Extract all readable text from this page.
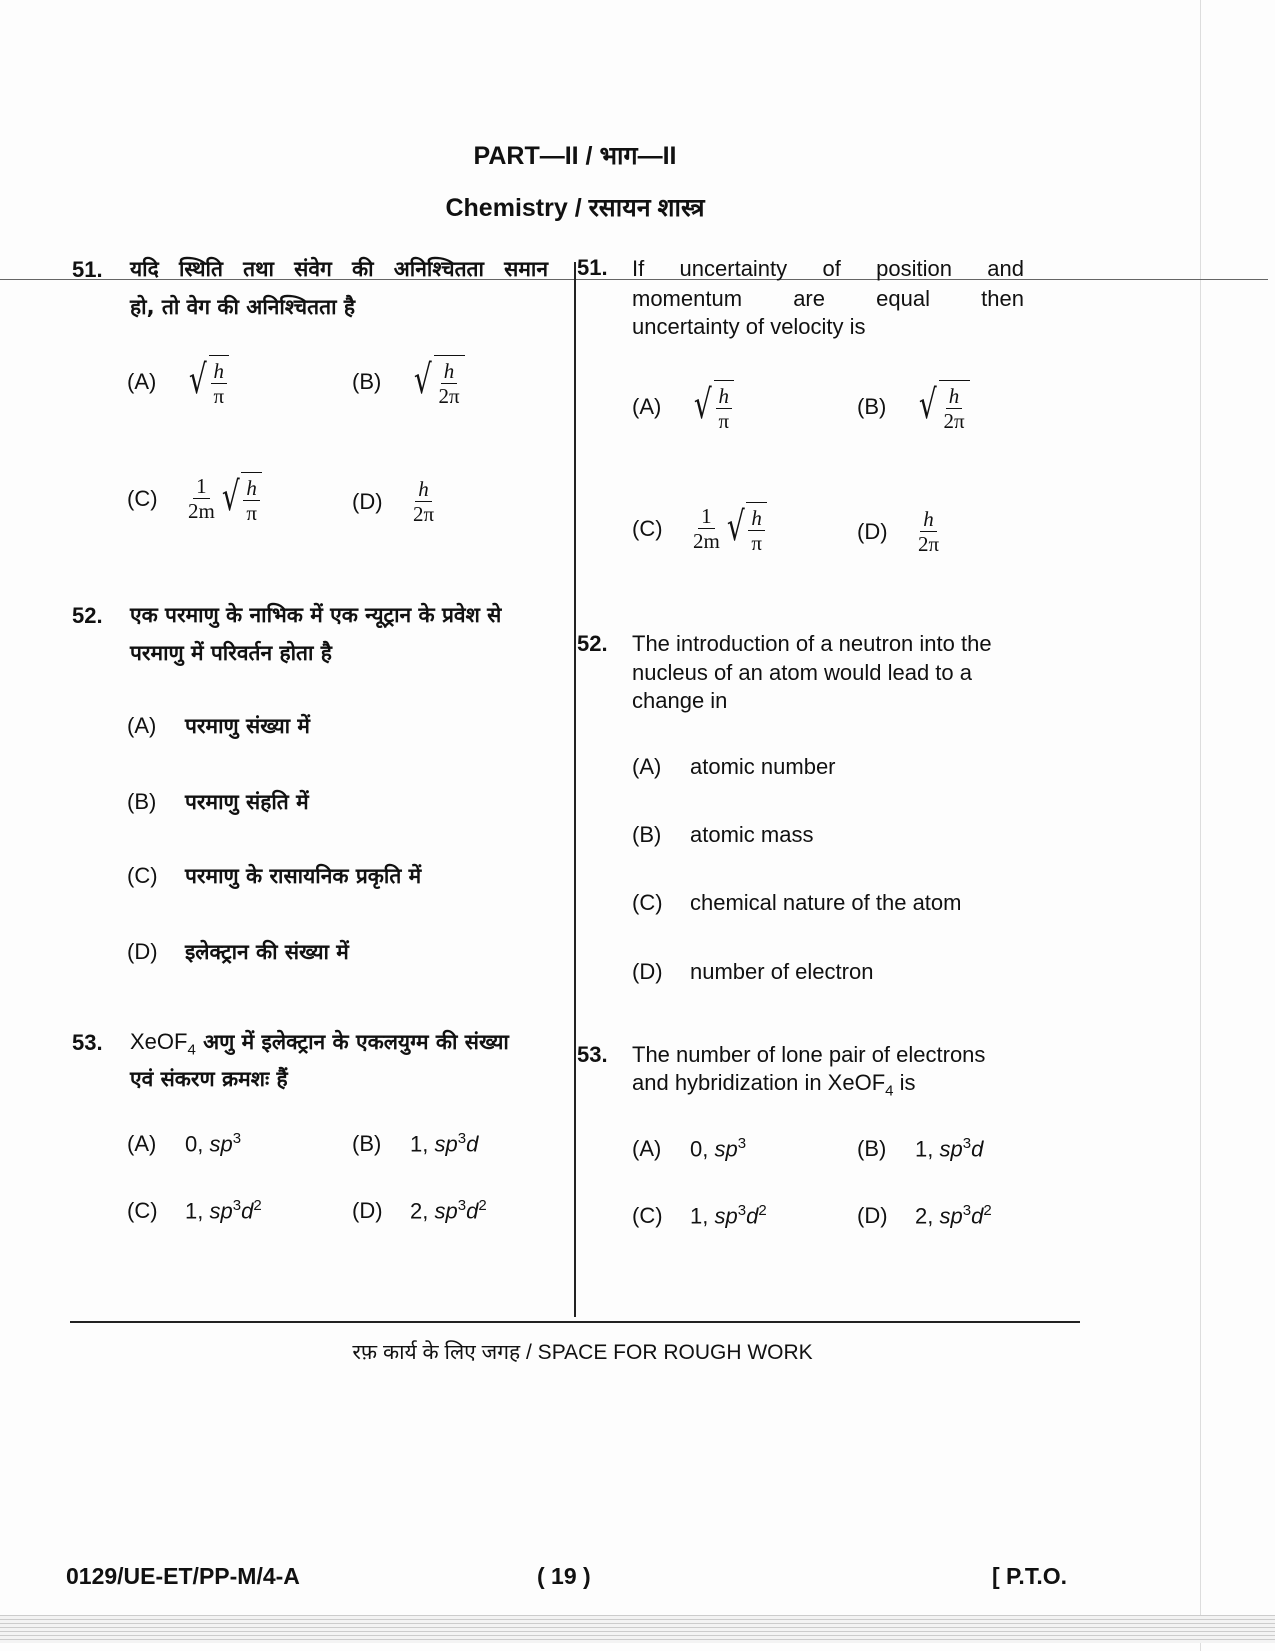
PART—II / भाग—II
Chemistry / रसायन शास्त्र
51. यदि स्थिति तथा संवेग की अनिश्चितता समान
हो, तो वेग की अनिश्चितता है
(A) √ $\frac{h}{\pi}$	(B) √ $\frac{h}{2\pi}$
(C)	$\frac{1}{2m}$ √ $\frac{h}{\pi}$	(D)	$\frac{h}{2\pi}$
51. If uncertainty of position and
momentum are equal then
uncertainty of velocity is
(A) √ $\frac{h}{\pi}$	(B) √ $\frac{h}{2\pi}$
(C)	$\frac{1}{2m}$ √ $\frac{h}{\pi}$	(D)	$\frac{h}{2\pi}$
52. एक परमाणु के नाभिक में एक न्यूट्रान के प्रवेश से
परमाणु में परिवर्तन होता है
(A)	परमाणु संख्या में
(B)	परमाणु संहति में
(C)	परमाणु के रासायनिक प्रकृति में
(D)	इलेक्ट्रान की संख्या में
52. The introduction of a neutron into the
nucleus of an atom would lead to a
change in
(A)	atomic number
(B)	atomic mass
(C)	chemical nature of the atom
(D)	number of electron
53. XeOF$_4$ अणु में इलेक्ट्रान के एकलयुग्म की संख्या
एवं संकरण क्रमशः हैं
(A)	0, $sp^3$	(B)	1, $sp^3d$
(C)	1, $sp^3d^2$	(D)	2, $sp^3d^2$
53. The number of lone pair of electrons
and hybridization in XeOF$_4$ is
(A)	0, $sp^3$	(B)	1, $sp^3d$
(C)	1, $sp^3d^2$	(D)	2, $sp^3d^2$
रफ़ कार्य के लिए जगह / SPACE FOR ROUGH WORK
0129/UE-ET/PP-M/4-A	( 19 )	[ P.T.O.
